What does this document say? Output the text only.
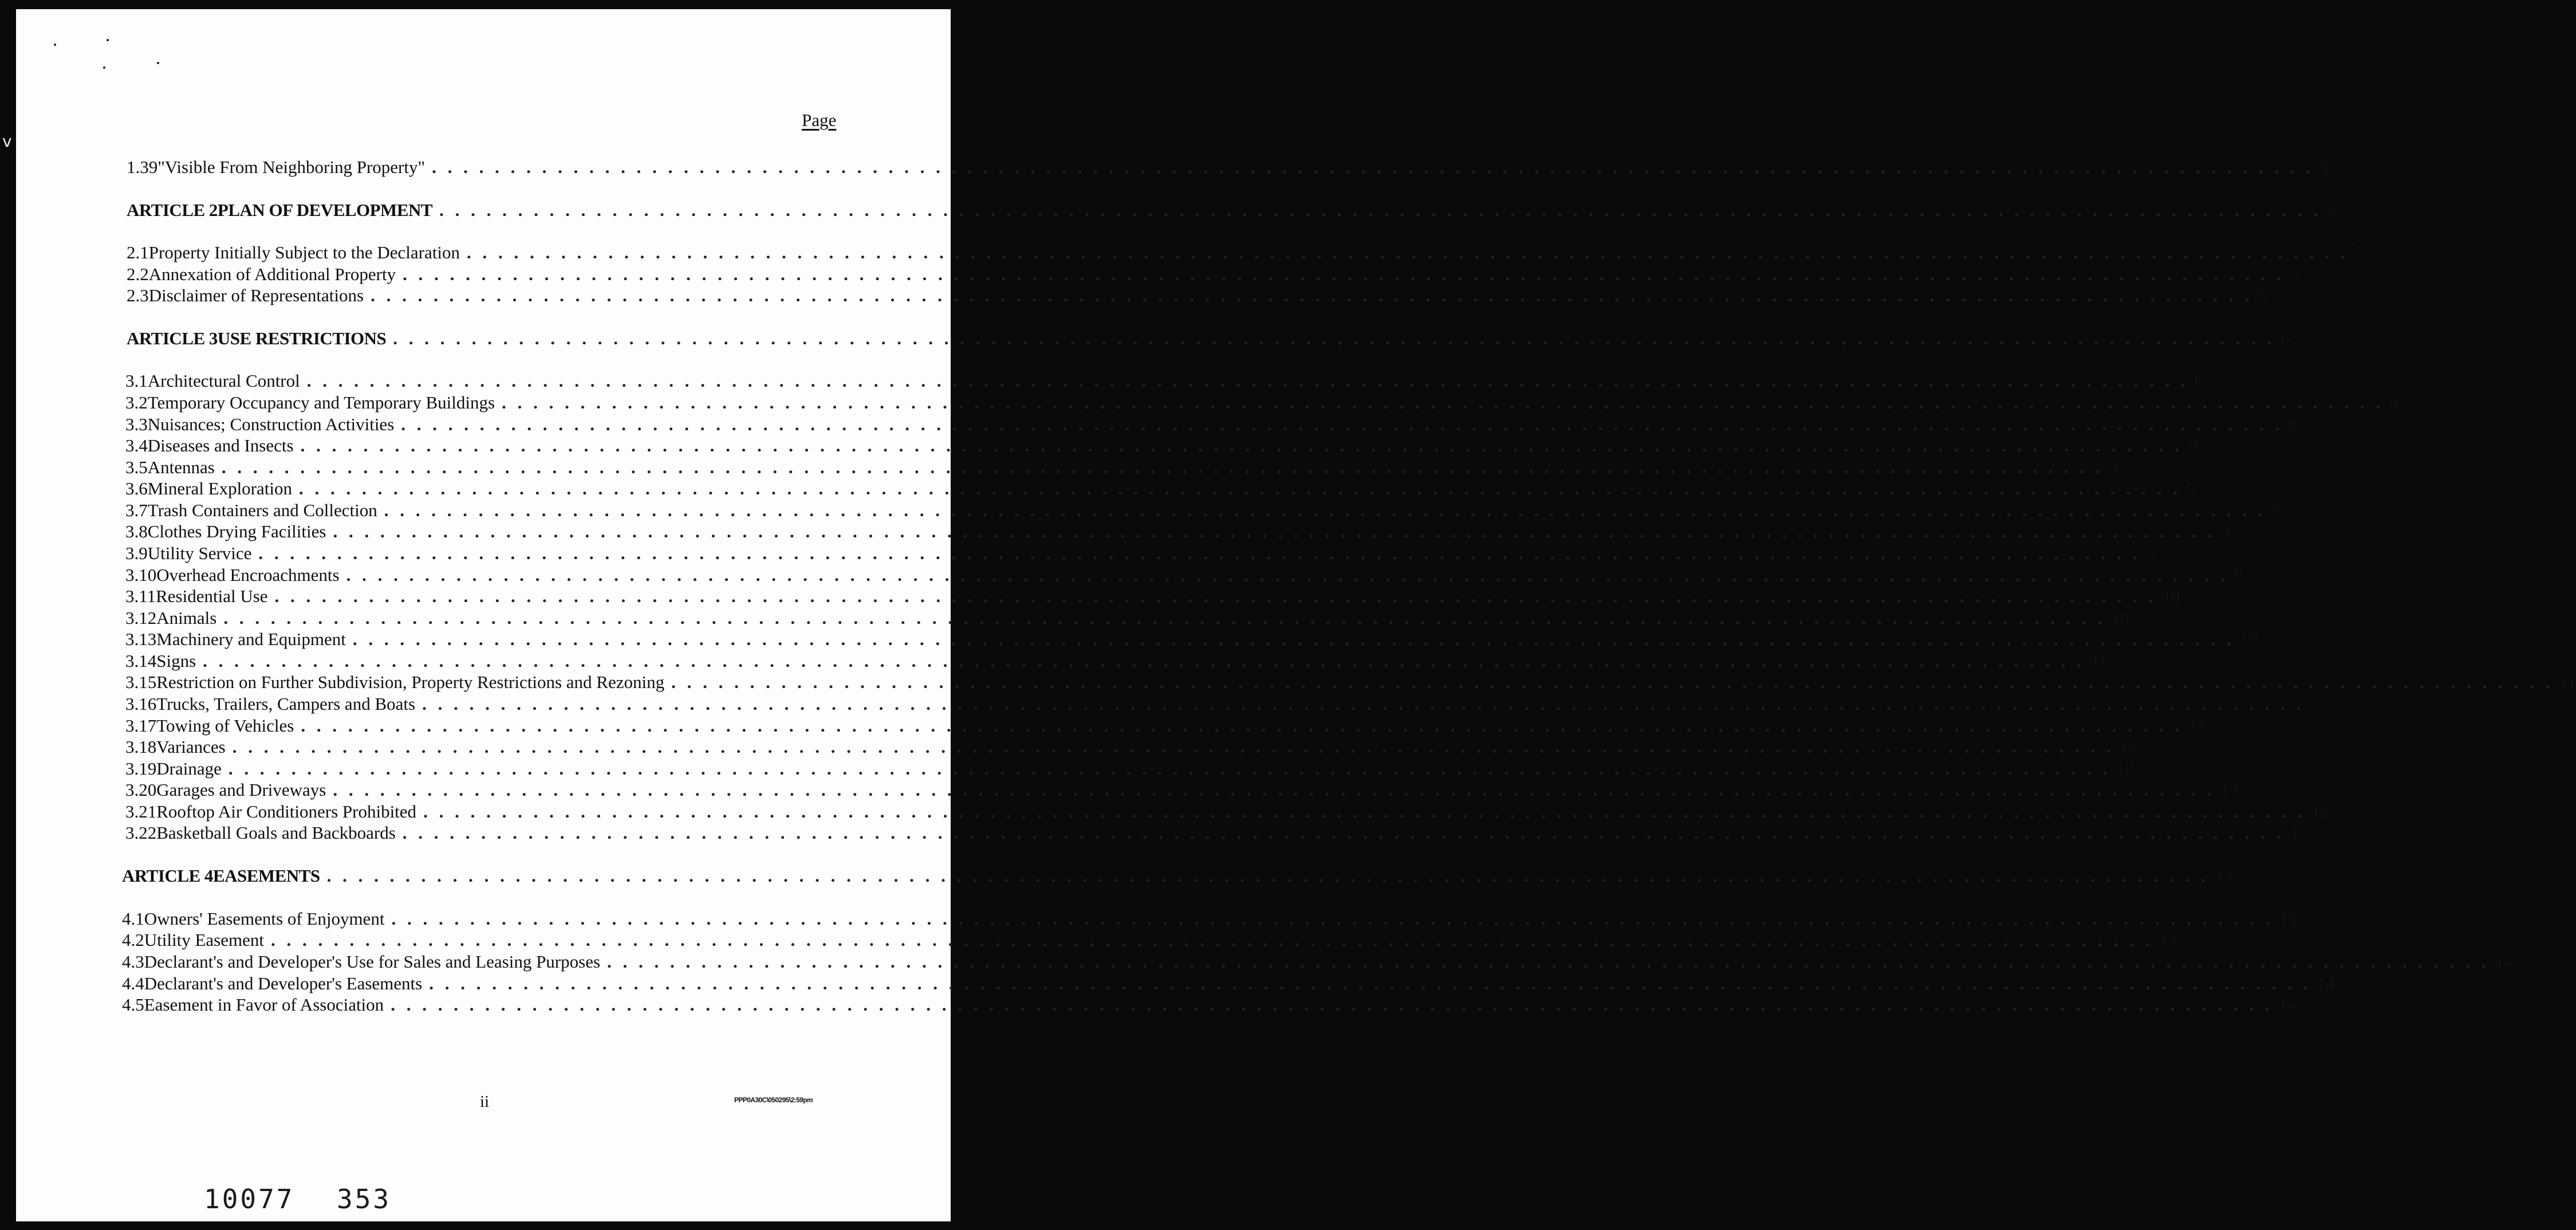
Page
1.39 "Visible From Neighboring Property" . . . . . . . . . . . . . . . . . . . . . . . . . . . . . . . . . . . . . . . . . . . . . . . . . . . . . . . . . . . . . . . . . . . . . . . . . . . . . . . . . . . . . . . . . . . . . . . . . . . . . . . . . . . . . . . . . . . . . . . . 5
ARTICLE 2 PLAN OF DEVELOPMENT . . . . . . . . . . . . . . . . . . . . . . . . . . . . . . . . . . . . . . . . . . . . . . . . . . . . . . . . . . . . . . . . . . . . . . . . . . . . . . . . . . . . . . . . . . . . . . . . . . . . . . . . . . . . . . . . . . . . . . . . 5
2.1 Property Initially Subject to the Declaration . . . . . . . . . . . . . . . . . . . . . . . . . . . . . . . . . . . . . . . . . . . . . . . . . . . . . . . . . . . . . . . . . . . . . . . . . . . . . . . . . . . . . . . . . . . . . . . . . . . . . . . . . . . . . . . . . . . . . . . . 5
2.2 Annexation of Additional Property . . . . . . . . . . . . . . . . . . . . . . . . . . . . . . . . . . . . . . . . . . . . . . . . . . . . . . . . . . . . . . . . . . . . . . . . . . . . . . . . . . . . . . . . . . . . . . . . . . . . . . . . . . . . . . . . . . . . . . . . 5
2.3 Disclaimer of Representations . . . . . . . . . . . . . . . . . . . . . . . . . . . . . . . . . . . . . . . . . . . . . . . . . . . . . . . . . . . . . . . . . . . . . . . . . . . . . . . . . . . . . . . . . . . . . . . . . . . . . . . . . . . . . . . . . . . . . . . . 6
ARTICLE 3 USE RESTRICTIONS . . . . . . . . . . . . . . . . . . . . . . . . . . . . . . . . . . . . . . . . . . . . . . . . . . . . . . . . . . . . . . . . . . . . . . . . . . . . . . . . . . . . . . . . . . . . . . . . . . . . . . . . . . . . . . . . . . . . . . . . 6
3.1 Architectural Control . . . . . . . . . . . . . . . . . . . . . . . . . . . . . . . . . . . . . . . . . . . . . . . . . . . . . . . . . . . . . . . . . . . . . . . . . . . . . . . . . . . . . . . . . . . . . . . . . . . . . . . . . . . . . . . . . . . . . . . . 6
3.2 Temporary Occupancy and Temporary Buildings . . . . . . . . . . . . . . . . . . . . . . . . . . . . . . . . . . . . . . . . . . . . . . . . . . . . . . . . . . . . . . . . . . . . . . . . . . . . . . . . . . . . . . . . . . . . . . . . . . . . . . . . . . . . . . . . . . . . . . . . 8
3.3 Nuisances; Construction Activities . . . . . . . . . . . . . . . . . . . . . . . . . . . . . . . . . . . . . . . . . . . . . . . . . . . . . . . . . . . . . . . . . . . . . . . . . . . . . . . . . . . . . . . . . . . . . . . . . . . . . . . . . . . . . . . . . . . . . . . . 8
3.4 Diseases and Insects . . . . . . . . . . . . . . . . . . . . . . . . . . . . . . . . . . . . . . . . . . . . . . . . . . . . . . . . . . . . . . . . . . . . . . . . . . . . . . . . . . . . . . . . . . . . . . . . . . . . . . . . . . . . . . . . . . . . . . . . 9
3.5 Antennas . . . . . . . . . . . . . . . . . . . . . . . . . . . . . . . . . . . . . . . . . . . . . . . . . . . . . . . . . . . . . . . . . . . . . . . . . . . . . . . . . . . . . . . . . . . . . . . . . . . . . . . . . . . . . . . . . . . . . . . . 9
3.6 Mineral Exploration . . . . . . . . . . . . . . . . . . . . . . . . . . . . . . . . . . . . . . . . . . . . . . . . . . . . . . . . . . . . . . . . . . . . . . . . . . . . . . . . . . . . . . . . . . . . . . . . . . . . . . . . . . . . . . . . . . . . . . . . 9
3.7 Trash Containers and Collection . . . . . . . . . . . . . . . . . . . . . . . . . . . . . . . . . . . . . . . . . . . . . . . . . . . . . . . . . . . . . . . . . . . . . . . . . . . . . . . . . . . . . . . . . . . . . . . . . . . . . . . . . . . . . . . . . . . . . . . . 9
3.8 Clothes Drying Facilities . . . . . . . . . . . . . . . . . . . . . . . . . . . . . . . . . . . . . . . . . . . . . . . . . . . . . . . . . . . . . . . . . . . . . . . . . . . . . . . . . . . . . . . . . . . . . . . . . . . . . . . . . . . . . . . . . . . . . . . . 9
3.9 Utility Service . . . . . . . . . . . . . . . . . . . . . . . . . . . . . . . . . . . . . . . . . . . . . . . . . . . . . . . . . . . . . . . . . . . . . . . . . . . . . . . . . . . . . . . . . . . . . . . . . . . . . . . . . . . . . . . . . . . . . . . . 9
3.10 Overhead Encroachments . . . . . . . . . . . . . . . . . . . . . . . . . . . . . . . . . . . . . . . . . . . . . . . . . . . . . . . . . . . . . . . . . . . . . . . . . . . . . . . . . . . . . . . . . . . . . . . . . . . . . . . . . . . . . . . . . . . . . . . . 9
3.11 Residential Use . . . . . . . . . . . . . . . . . . . . . . . . . . . . . . . . . . . . . . . . . . . . . . . . . . . . . . . . . . . . . . . . . . . . . . . . . . . . . . . . . . . . . . . . . . . . . . . . . . . . . . . . . . . . . . . . . . . . . . . . 10
3.12 Animals . . . . . . . . . . . . . . . . . . . . . . . . . . . . . . . . . . . . . . . . . . . . . . . . . . . . . . . . . . . . . . . . . . . . . . . . . . . . . . . . . . . . . . . . . . . . . . . . . . . . . . . . . . . . . . . . . . . . . . . . 10
3.13 Machinery and Equipment . . . . . . . . . . . . . . . . . . . . . . . . . . . . . . . . . . . . . . . . . . . . . . . . . . . . . . . . . . . . . . . . . . . . . . . . . . . . . . . . . . . . . . . . . . . . . . . . . . . . . . . . . . . . . . . . . . . . . . . . 10
3.14 Signs . . . . . . . . . . . . . . . . . . . . . . . . . . . . . . . . . . . . . . . . . . . . . . . . . . . . . . . . . . . . . . . . . . . . . . . . . . . . . . . . . . . . . . . . . . . . . . . . . . . . . . . . . . . . . . . . . . . . . . . . 11
3.15 Restriction on Further Subdivision, Property Restrictions and Rezoning . . . . . . . . . . . . . . . . . . . . . . . . . . . . . . . . . . . . . . . . . . . . . . . . . . . . . . . . . . . . . . . . . . . . . . . . . . . . . . . . . . . . . . . . . . . . . . . . . . . . . . . . . . . . . . . . . . . . . . . . 11
3.16 Trucks, Trailers, Campers and Boats . . . . . . . . . . . . . . . . . . . . . . . . . . . . . . . . . . . . . . . . . . . . . . . . . . . . . . . . . . . . . . . . . . . . . . . . . . . . . . . . . . . . . . . . . . . . . . . . . . . . . . . . . . . . . . . . . . . . . . . . 11
3.17 Towing of Vehicles . . . . . . . . . . . . . . . . . . . . . . . . . . . . . . . . . . . . . . . . . . . . . . . . . . . . . . . . . . . . . . . . . . . . . . . . . . . . . . . . . . . . . . . . . . . . . . . . . . . . . . . . . . . . . . . . . . . . . . . . 11
3.18 Variances . . . . . . . . . . . . . . . . . . . . . . . . . . . . . . . . . . . . . . . . . . . . . . . . . . . . . . . . . . . . . . . . . . . . . . . . . . . . . . . . . . . . . . . . . . . . . . . . . . . . . . . . . . . . . . . . . . . . . . . . 12
3.19 Drainage . . . . . . . . . . . . . . . . . . . . . . . . . . . . . . . . . . . . . . . . . . . . . . . . . . . . . . . . . . . . . . . . . . . . . . . . . . . . . . . . . . . . . . . . . . . . . . . . . . . . . . . . . . . . . . . . . . . . . . . . 12
3.20 Garages and Driveways . . . . . . . . . . . . . . . . . . . . . . . . . . . . . . . . . . . . . . . . . . . . . . . . . . . . . . . . . . . . . . . . . . . . . . . . . . . . . . . . . . . . . . . . . . . . . . . . . . . . . . . . . . . . . . . . . . . . . . . . 12
3.21 Rooftop Air Conditioners Prohibited . . . . . . . . . . . . . . . . . . . . . . . . . . . . . . . . . . . . . . . . . . . . . . . . . . . . . . . . . . . . . . . . . . . . . . . . . . . . . . . . . . . . . . . . . . . . . . . . . . . . . . . . . . . . . . . . . . . . . . . . 12
3.22 Basketball Goals and Backboards . . . . . . . . . . . . . . . . . . . . . . . . . . . . . . . . . . . . . . . . . . . . . . . . . . . . . . . . . . . . . . . . . . . . . . . . . . . . . . . . . . . . . . . . . . . . . . . . . . . . . . . . . . . . . . . . . . . . . . . . 12
ARTICLE 4 EASEMENTS . . . . . . . . . . . . . . . . . . . . . . . . . . . . . . . . . . . . . . . . . . . . . . . . . . . . . . . . . . . . . . . . . . . . . . . . . . . . . . . . . . . . . . . . . . . . . . . . . . . . . . . . . . . . . . . . . . . . . . . . 13
4.1 Owners' Easements of Enjoyment . . . . . . . . . . . . . . . . . . . . . . . . . . . . . . . . . . . . . . . . . . . . . . . . . . . . . . . . . . . . . . . . . . . . . . . . . . . . . . . . . . . . . . . . . . . . . . . . . . . . . . . . . . . . . . . . . . . . . . . . 13
4.2 Utility Easement . . . . . . . . . . . . . . . . . . . . . . . . . . . . . . . . . . . . . . . . . . . . . . . . . . . . . . . . . . . . . . . . . . . . . . . . . . . . . . . . . . . . . . . . . . . . . . . . . . . . . . . . . . . . . . . . . . . . . . . . 13
4.3 Declarant's and Developer's Use for Sales and Leasing Purposes . . . . . . . . . . . . . . . . . . . . . . . . . . . . . . . . . . . . . . . . . . . . . . . . . . . . . . . . . . . . . . . . . . . . . . . . . . . . . . . . . . . . . . . . . . . . . . . . . . . . . . . . . . . . . . . . . . . . . . . . 14
4.4 Declarant's and Developer's Easements . . . . . . . . . . . . . . . . . . . . . . . . . . . . . . . . . . . . . . . . . . . . . . . . . . . . . . . . . . . . . . . . . . . . . . . . . . . . . . . . . . . . . . . . . . . . . . . . . . . . . . . . . . . . . . . . . . . . . . . . 14
4.5 Easement in Favor of Association . . . . . . . . . . . . . . . . . . . . . . . . . . . . . . . . . . . . . . . . . . . . . . . . . . . . . . . . . . . . . . . . . . . . . . . . . . . . . . . . . . . . . . . . . . . . . . . . . . . . . . . . . . . . . . . . . . . . . . . . 14
ii	PPP0A30C\050295\2:59pm
10077 353
v
